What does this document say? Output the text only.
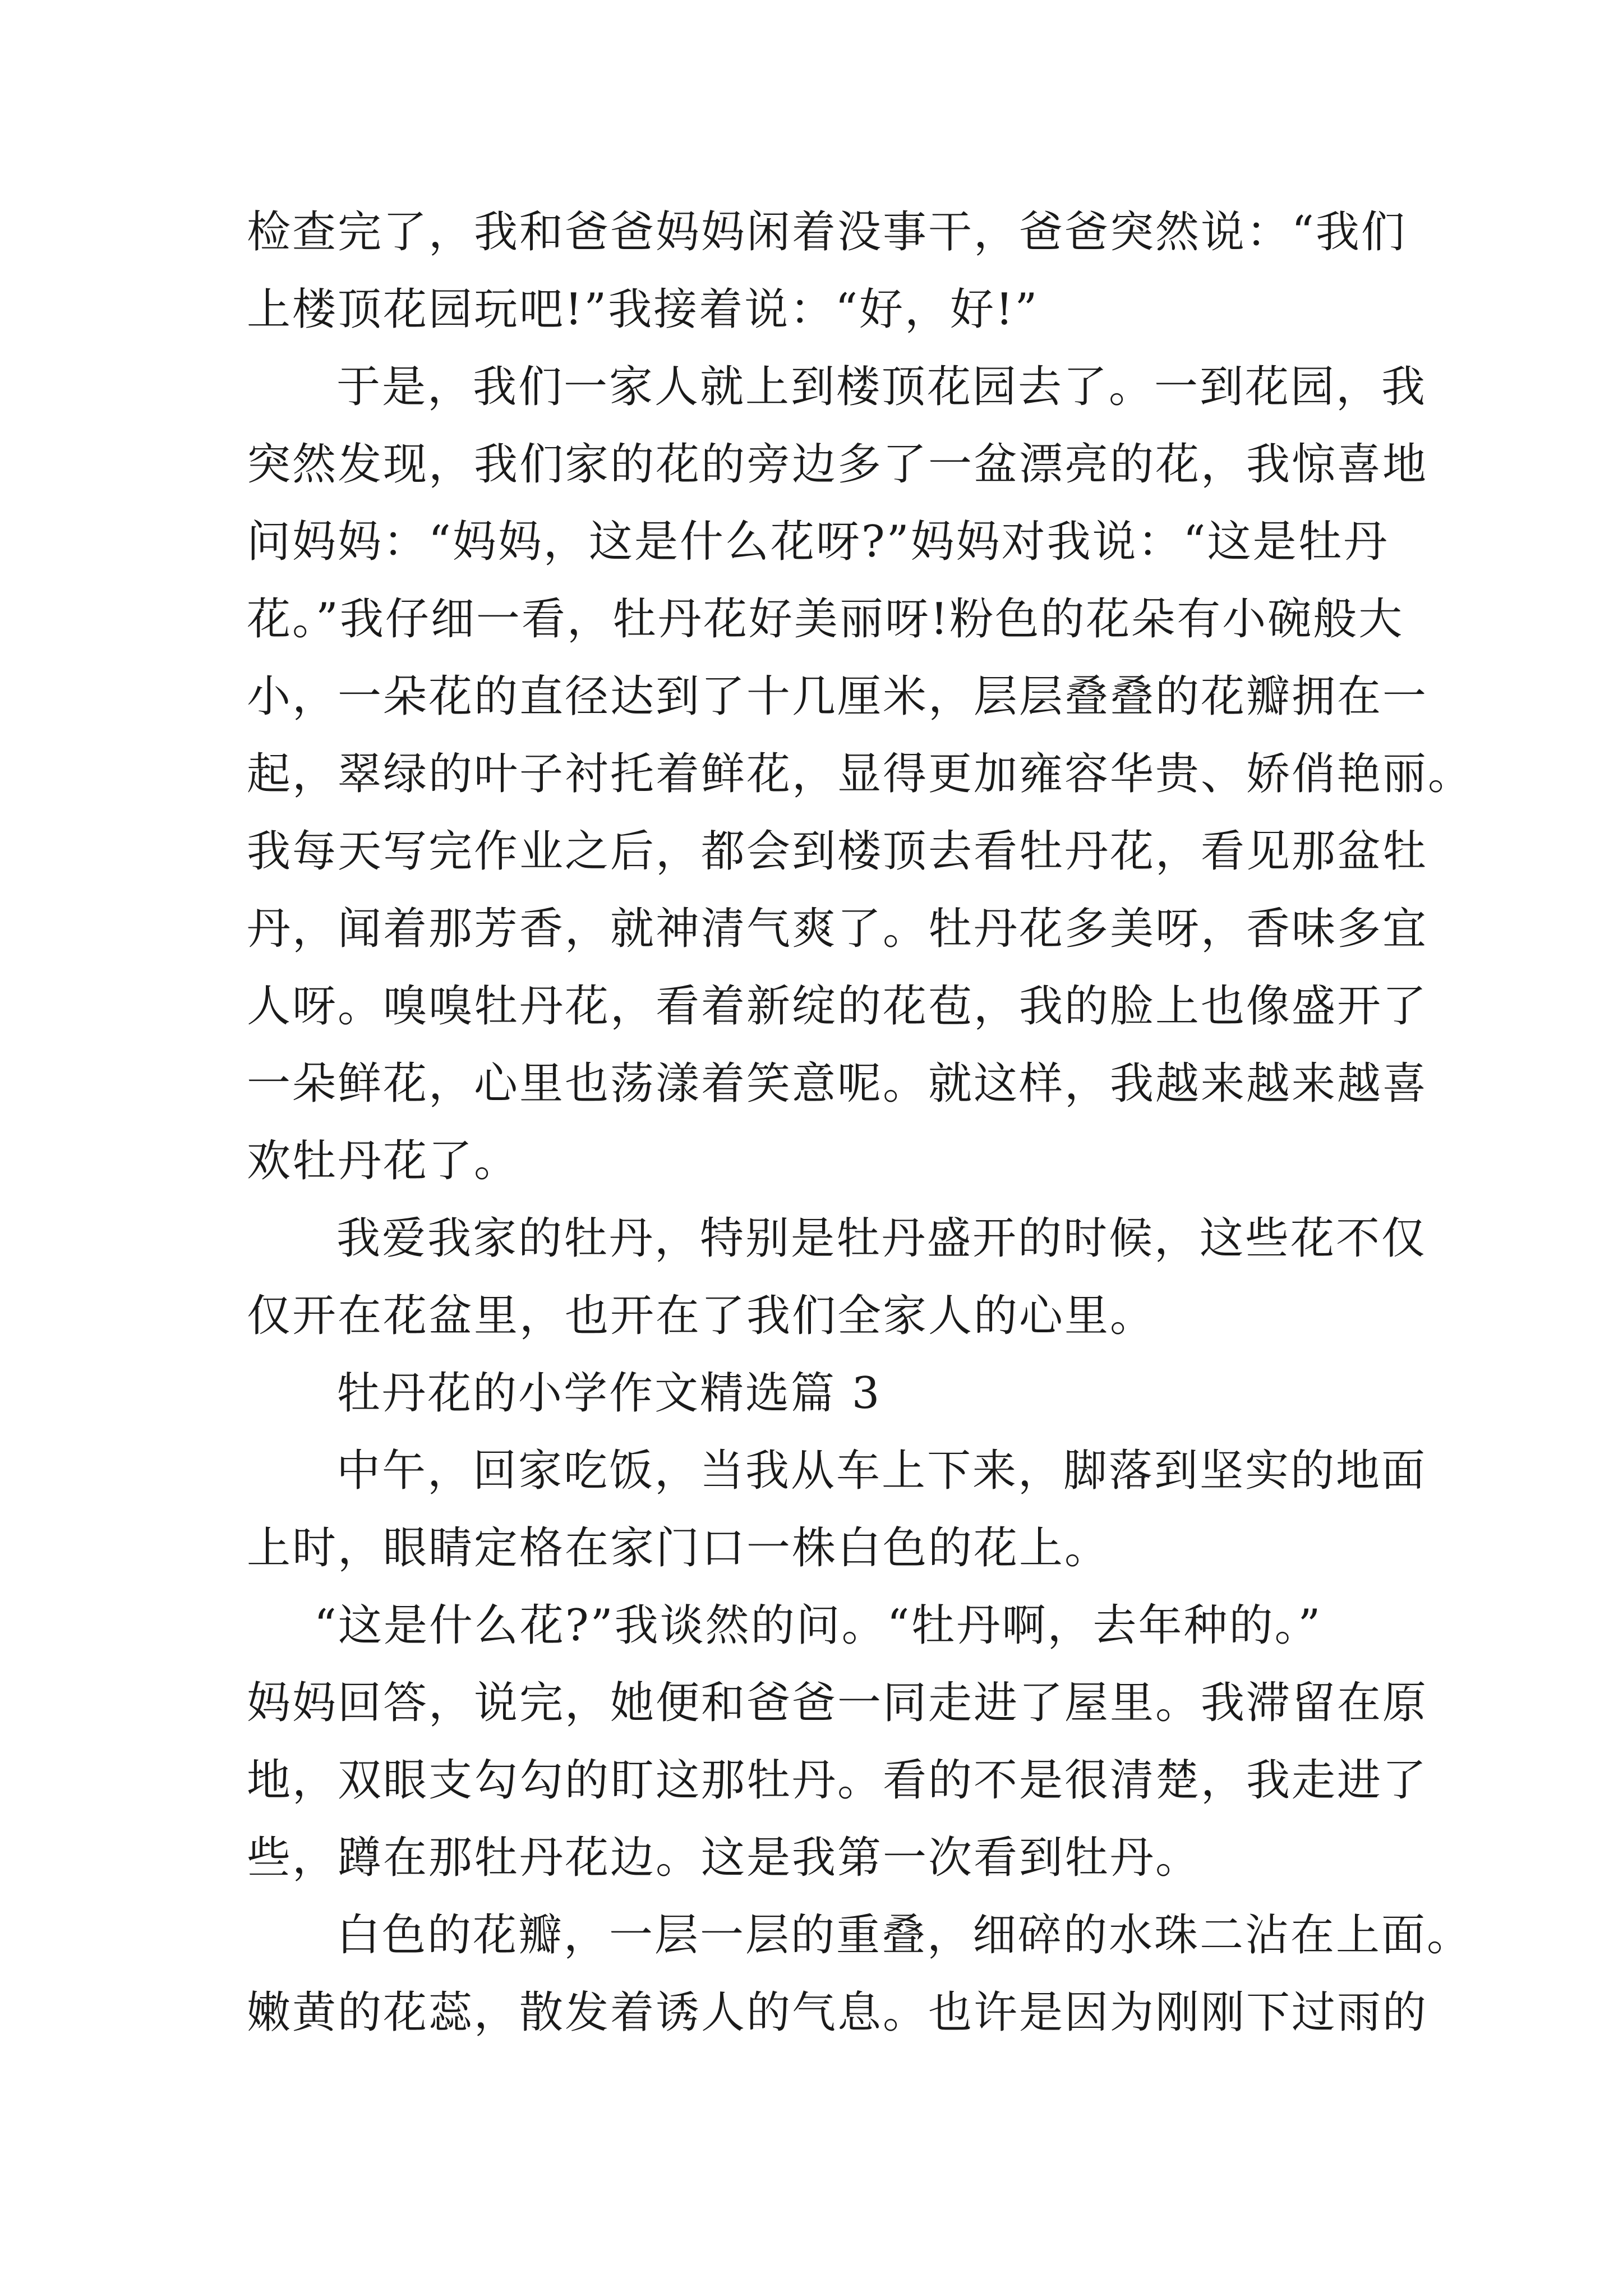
检查完了，我和爸爸妈妈闲着没事干，爸爸突然说：“我们
上楼顶花园玩吧!”我接着说：“好，好!”
于是，我们一家人就上到楼顶花园去了。一到花园，我
突然发现，我们家的花的旁边多了一盆漂亮的花，我惊喜地
问妈妈：“妈妈，这是什么花呀?”妈妈对我说：“这是牡丹
花。”我仔细一看，牡丹花好美丽呀!粉色的花朵有小碗般大
小，一朵花的直径达到了十几厘米，层层叠叠的花瓣拥在一
起，翠绿的叶子衬托着鲜花，显得更加雍容华贵、娇俏艳丽。
我每天写完作业之后，都会到楼顶去看牡丹花，看见那盆牡
丹，闻着那芳香，就神清气爽了。牡丹花多美呀，香味多宜
人呀。嗅嗅牡丹花，看着新绽的花苞，我的脸上也像盛开了
一朵鲜花，心里也荡漾着笑意呢。就这样，我越来越来越喜
欢牡丹花了。
我爱我家的牡丹，特别是牡丹盛开的时候，这些花不仅
仅开在花盆里，也开在了我们全家人的心里。
牡丹花的小学作文精选篇 3
中午，回家吃饭，当我从车上下来，脚落到坚实的地面
上时，眼睛定格在家门口一株白色的花上。
“这是什么花?”我谈然的问。“牡丹啊，去年种的。”
妈妈回答，说完，她便和爸爸一同走进了屋里。我滞留在原
地，双眼支勾勾的盯这那牡丹。看的不是很清楚，我走进了
些，蹲在那牡丹花边。这是我第一次看到牡丹。
白色的花瓣，一层一层的重叠，细碎的水珠二沾在上面。
嫩黄的花蕊，散发着诱人的气息。也许是因为刚刚下过雨的
